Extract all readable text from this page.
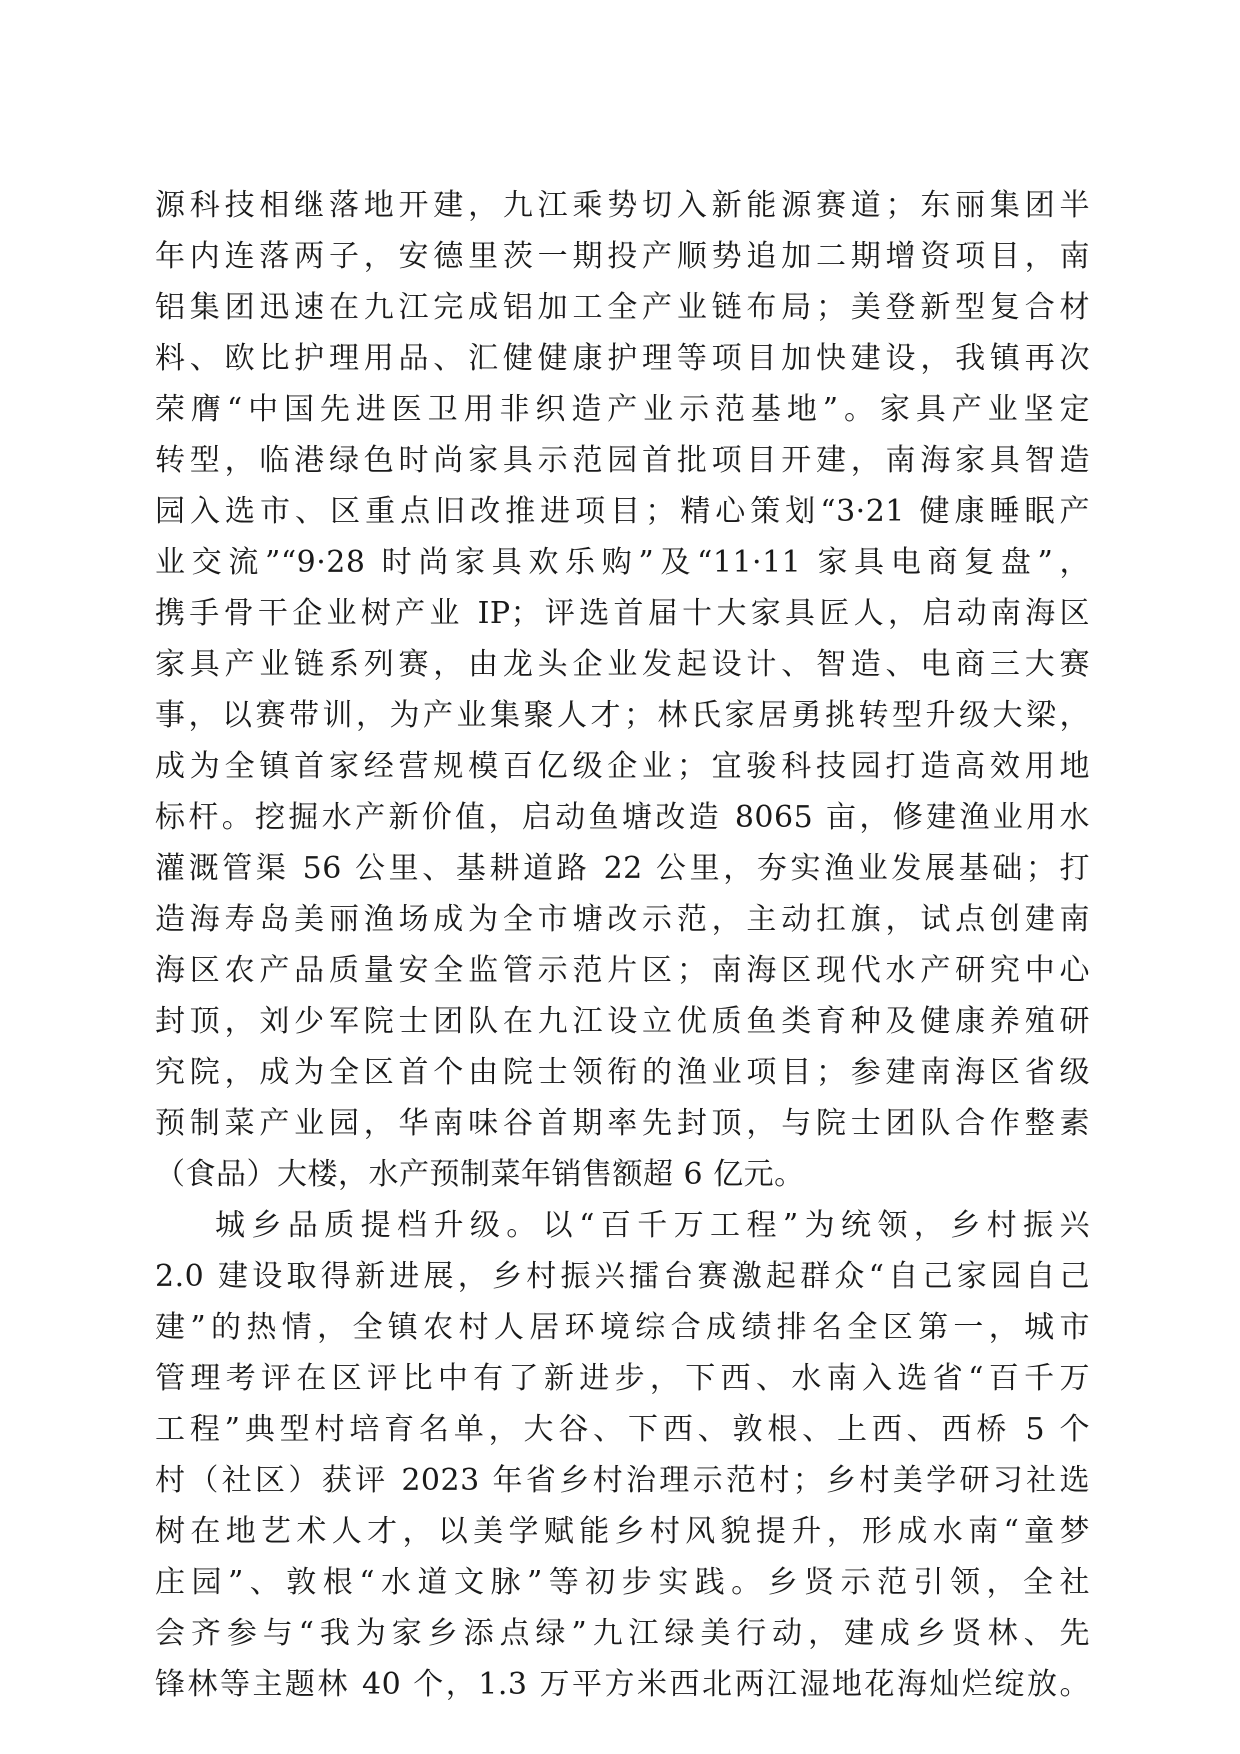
源科技相继落地开建，九江乘势切入新能源赛道；东丽集团半
年内连落两子，安德里茨一期投产顺势追加二期增资项目，南
铝集团迅速在九江完成铝加工全产业链布局；美登新型复合材
料、欧比护理用品、汇健健康护理等项目加快建设，我镇再次
荣膺“中国先进医卫用非织造产业示范基地”。家具产业坚定
转型，临港绿色时尚家具示范园首批项目开建，南海家具智造
园入选市、区重点旧改推进项目；精心策划“3·21 健康睡眠产
业交流”“9·28 时尚家具欢乐购”及“11·11 家具电商复盘”，
携手骨干企业树产业 IP；评选首届十大家具匠人，启动南海区
家具产业链系列赛，由龙头企业发起设计、智造、电商三大赛
事，以赛带训，为产业集聚人才；林氏家居勇挑转型升级大梁，
成为全镇首家经营规模百亿级企业；宜骏科技园打造高效用地
标杆。挖掘水产新价值，启动鱼塘改造 8065 亩，修建渔业用水
灌溉管渠 56 公里、基耕道路 22 公里，夯实渔业发展基础；打
造海寿岛美丽渔场成为全市塘改示范，主动扛旗，试点创建南
海区农产品质量安全监管示范片区；南海区现代水产研究中心
封顶，刘少军院士团队在九江设立优质鱼类育种及健康养殖研
究院，成为全区首个由院士领衔的渔业项目；参建南海区省级
预制菜产业园，华南味谷首期率先封顶，与院士团队合作整素
（食品）大楼，水产预制菜年销售额超 6 亿元。
城乡品质提档升级。以“百千万工程”为统领，乡村振兴
2.0 建设取得新进展，乡村振兴擂台赛激起群众“自己家园自己
建”的热情，全镇农村人居环境综合成绩排名全区第一，城市
管理考评在区评比中有了新进步，下西、水南入选省“百千万
工程”典型村培育名单，大谷、下西、敦根、上西、西桥 5 个
村（社区）获评 2023 年省乡村治理示范村；乡村美学研习社选
树在地艺术人才，以美学赋能乡村风貌提升，形成水南“童梦
庄园”、敦根“水道文脉”等初步实践。乡贤示范引领，全社
会齐参与“我为家乡添点绿”九江绿美行动，建成乡贤林、先
锋林等主题林 40 个，1.3 万平方米西北两江湿地花海灿烂绽放。
